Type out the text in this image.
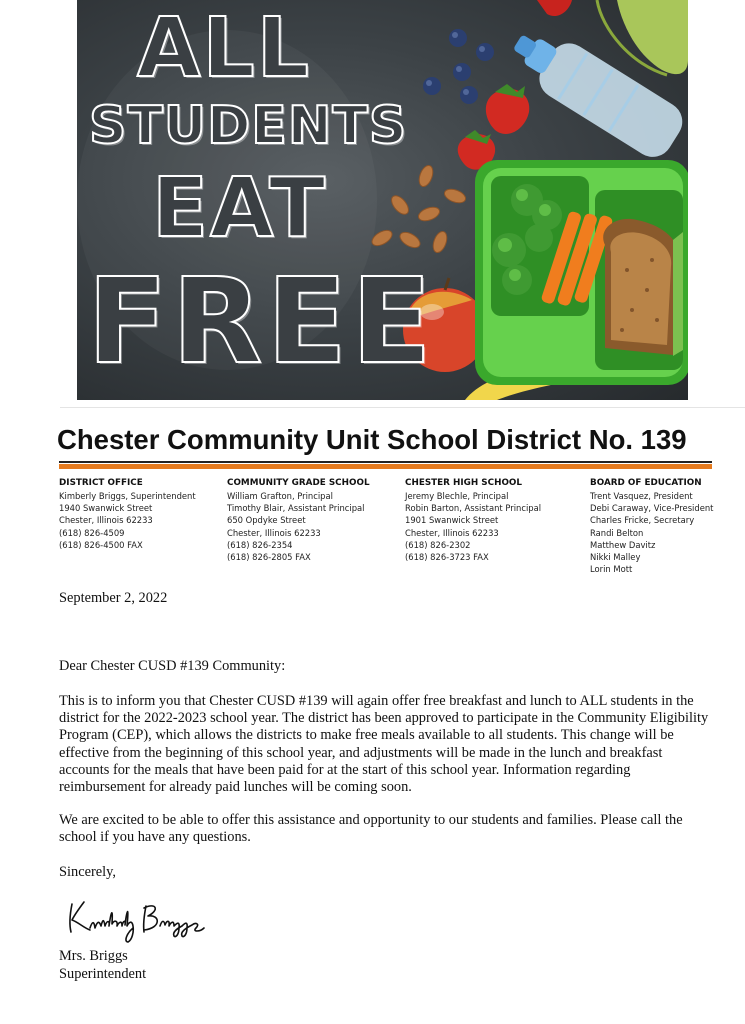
ALL
STUDENTS
EAT
FREE
Chester Community Unit School District No. 139
DISTRICT OFFICE
Kimberly Briggs, Superintendent
1940 Swanwick Street
Chester, Illinois 62233
(618) 826-4509
(618) 826-4500 FAX
COMMUNITY GRADE SCHOOL
William Grafton, Principal
Timothy Blair, Assistant Principal
650 Opdyke Street
Chester, Illinois 62233
(618) 826-2354
(618) 826-2805 FAX
CHESTER HIGH SCHOOL
Jeremy Blechle, Principal
Robin Barton, Assistant Principal
1901 Swanwick Street
Chester, Illinois 62233
(618) 826-2302
(618) 826-3723 FAX
BOARD OF EDUCATION
Trent Vasquez, President
Debi Caraway, Vice-President
Charles Fricke, Secretary
Randi Belton
Matthew Davitz
Nikki Malley
Lorin Mott
September 2, 2022
Dear Chester CUSD #139 Community:
This is to inform you that Chester CUSD #139 will again offer free breakfast and lunch to ALL students in the district for the 2022-2023 school year. The district has been approved to participate in the Community Eligibility Program (CEP), which allows the districts to make free meals available to all students. This change will be effective from the beginning of this school year, and adjustments will be made in the lunch and breakfast accounts for the meals that have been paid for at the start of this school year. Information regarding reimbursement for already paid lunches will be coming soon.
We are excited to be able to offer this assistance and opportunity to our students and families. Please call the school if you have any questions.
Sincerely,
Mrs. Briggs
Superintendent
